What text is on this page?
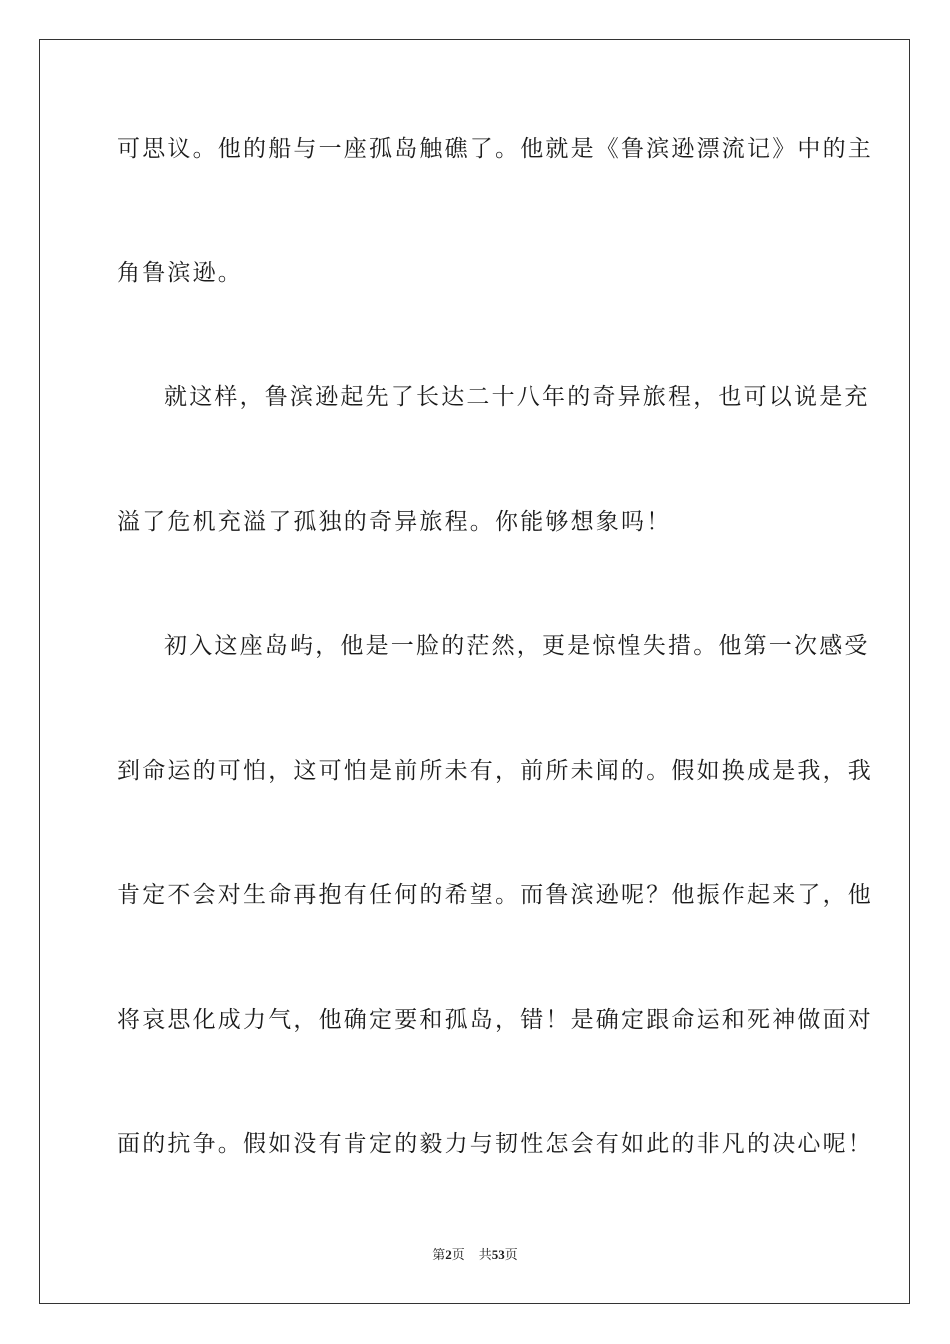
可思议。他的船与一座孤岛触礁了。他就是《鲁滨逊漂流记》中的主
角鲁滨逊。
就这样，鲁滨逊起先了长达二十八年的奇异旅程，也可以说是充
溢了危机充溢了孤独的奇异旅程。你能够想象吗！
初入这座岛屿，他是一脸的茫然，更是惊惶失措。他第一次感受
到命运的可怕，这可怕是前所未有，前所未闻的。假如换成是我，我
肯定不会对生命再抱有任何的希望。而鲁滨逊呢？他振作起来了，他
将哀思化成力气，他确定要和孤岛，错！是确定跟命运和死神做面对
面的抗争。假如没有肯定的毅力与韧性怎会有如此的非凡的决心呢！
第2页 共53页
